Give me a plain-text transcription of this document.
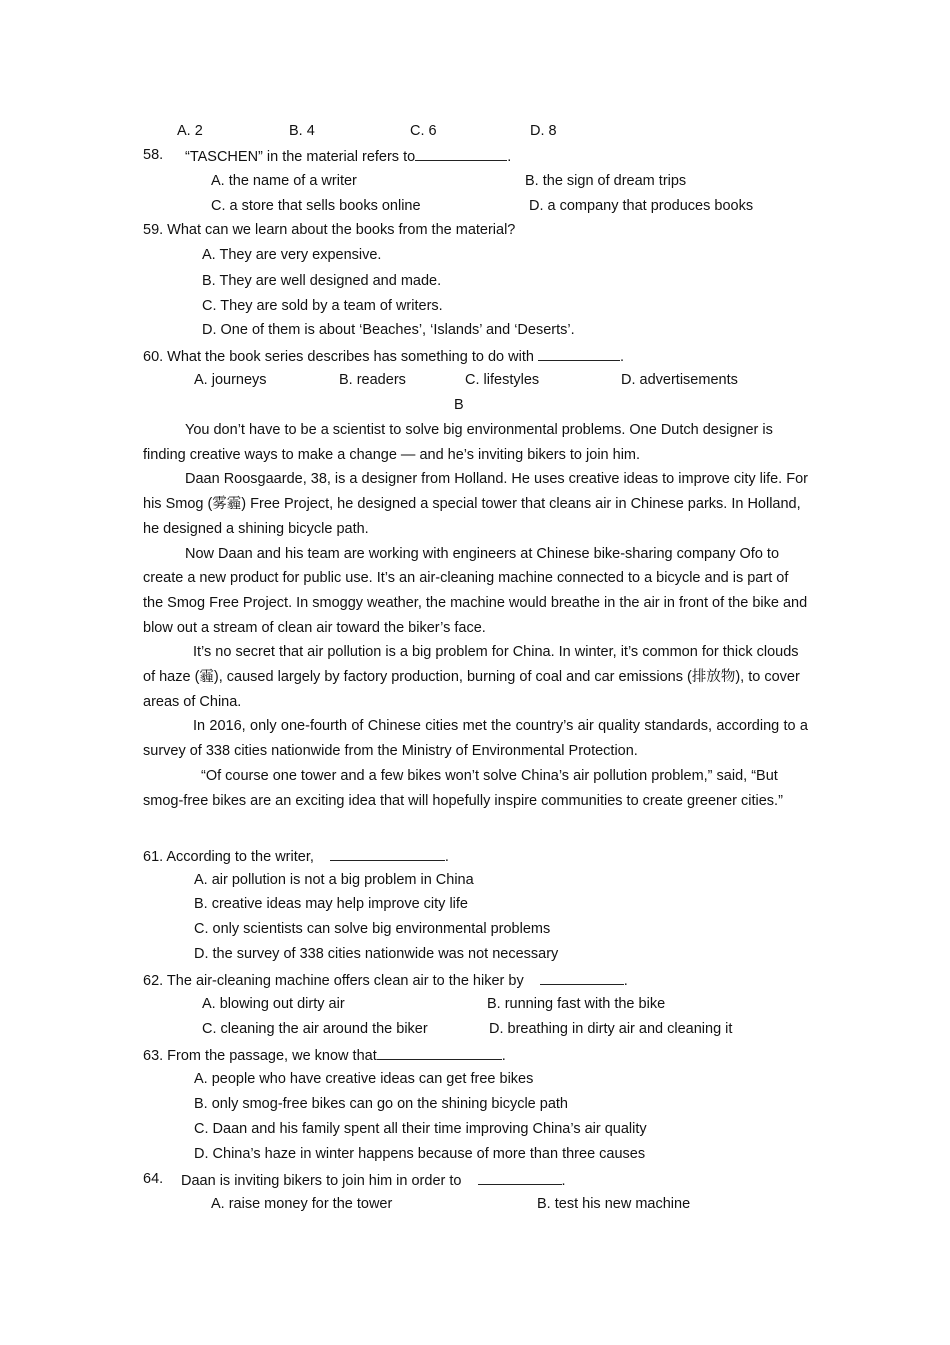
A. 2	B. 4	C. 6	D. 8
58. “TASCHEN” in the material refers to	.
A. the name of a writer	B. the sign of dream trips
C. a store that sells books online	D. a company that produces books
59. What can we learn about the books from the material?
A. They are very expensive.
B. They are well designed and made.
C. They are sold by a team of writers.
D. One of them is about ‘Beaches’, ‘Islands’ and ‘Deserts’.
60. What the book series describes has something to do with	.
A. journeys	B. readers	C. lifestyles	D. advertisements
B

You don’t have to be a scientist to solve big environmental problems. One Dutch designer is finding creative ways to make a change — and he’s inviting bikers to join him.

Daan Roosgaarde, 38, is a designer from Holland. He uses creative ideas to improve city life. For his Smog (雾霾) Free Project, he designed a special tower that cleans air in Chinese parks. In Holland, he designed a shining bicycle path.

Now Daan and his team are working with engineers at Chinese bike-sharing company Ofo to create a new product for public use. It’s an air-cleaning machine connected to a bicycle and is part of the Smog Free Project. In smoggy weather, the machine would breathe in the air in front of the bike and blow out a stream of clean air toward the biker’s face.

It’s no secret that air pollution is a big problem for China. In winter, it’s common for thick clouds of haze (霾), caused largely by factory production, burning of coal and car emissions (排放物), to cover areas of China.

In 2016, only one-fourth of Chinese cities met the country’s air quality standards, according to a survey of 338 cities nationwide from the Ministry of Environmental Protection.

“Of course one tower and a few bikes won’t solve China’s air pollution problem,” said, “But smog-free bikes are an exciting idea that will hopefully inspire communities to create greener cities.”

61. According to the writer,	.
A. air pollution is not a big problem in China
B. creative ideas may help improve city life
C. only scientists can solve big environmental problems
D. the survey of 338 cities nationwide was not necessary
62. The air-cleaning machine offers clean air to the hiker by	.
A. blowing out dirty air	B. running fast with the bike
C. cleaning the air around the biker	D. breathing in dirty air and cleaning it
63. From the passage, we know that	.
A. people who have creative ideas can get free bikes
B. only smog-free bikes can go on the shining bicycle path
C. Daan and his family spent all their time improving China’s air quality
D. China’s haze in winter happens because of more than three causes
64. Daan is inviting bikers to join him in order to	.
A. raise money for the tower	B. test his new machine
